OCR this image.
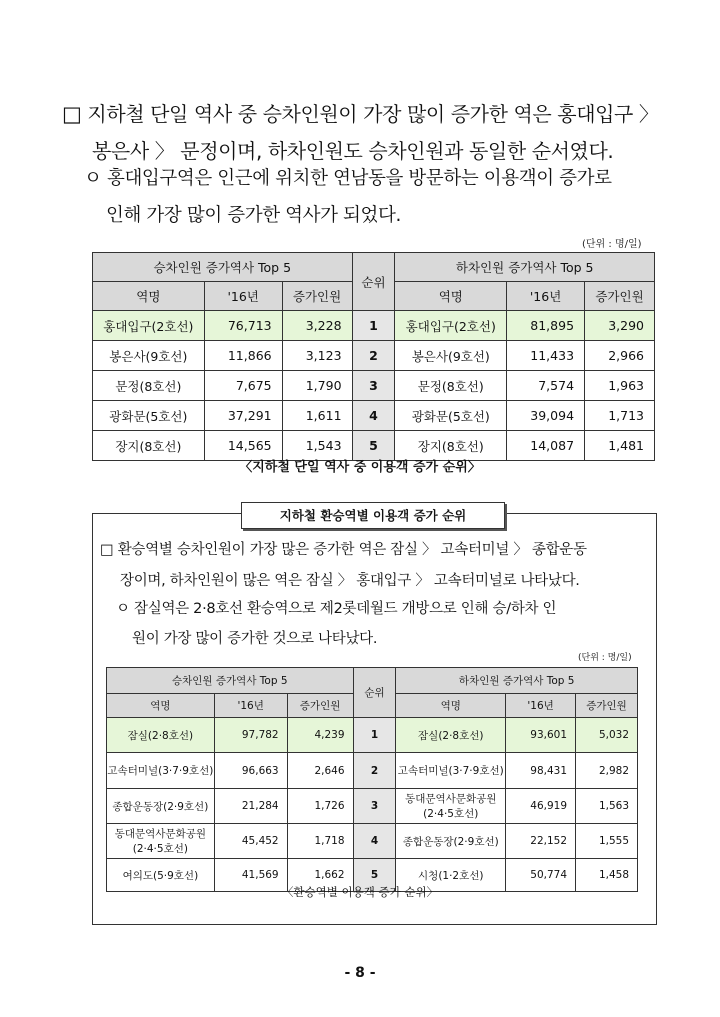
□ 지하철 단일 역사 중 승차인원이 가장 많이 증가한 역은 홍대입구 〉
봉은사 〉 문정이며, 하차인원도 승차인원과 동일한 순서였다.
ㅇ 홍대입구역은 인근에 위치한 연남동을 방문하는 이용객이 증가로
인해 가장 많이 증가한 역사가 되었다.
(단위 : 명/일)
승차인원 증가역사 Top 5			순위	하차인원 증가역사 Top 5		
역명	'16년	증가인원		역명	'16년	증가인원
홍대입구(2호선)	76,713	3,228	1	홍대입구(2호선)	81,895	3,290
봉은사(9호선)	11,866	3,123	2	봉은사(9호선)	11,433	2,966
문정(8호선)	7,675	1,790	3	문정(8호선)	7,574	1,963
광화문(5호선)	37,291	1,611	4	광화문(5호선)	39,094	1,713
장지(8호선)	14,565	1,543	5	장지(8호선)	14,087	1,481
〈지하철 단일 역사 중 이용객 증가 순위〉
지하철 환승역별 이용객 증가 순위
□ 환승역별 승차인원이 가장 많은 증가한 역은 잠실 〉 고속터미널 〉 종합운동
장이며, 하차인원이 많은 역은 잠실 〉 홍대입구 〉 고속터미널로 나타났다.
ㅇ 잠실역은 2·8호선 환승역으로 제2롯데월드 개방으로 인해 승/하차 인
원이 가장 많이 증가한 것으로 나타났다.
(단위 : 명/일)
승차인원 증가역사 Top 5			순위	하차인원 증가역사 Top 5		
역명	'16년	증가인원		역명	'16년	증가인원
잠실(2·8호선)	97,782	4,239	1	잠실(2·8호선)	93,601	5,032
고속터미널(3·7·9호선)	96,663	2,646	2	고속터미널(3·7·9호선)	98,431	2,982
종합운동장(2·9호선)	21,284	1,726	3	동대문역사문화공원(2·4·5호선)	46,919	1,563
동대문역사문화공원(2·4·5호선)	45,452	1,718	4	종합운동장(2·9호선)	22,152	1,555
여의도(5·9호선)	41,569	1,662	5	시청(1·2호선)	50,774	1,458
〈환승역별 이용객 증가 순위〉
- 8 -
